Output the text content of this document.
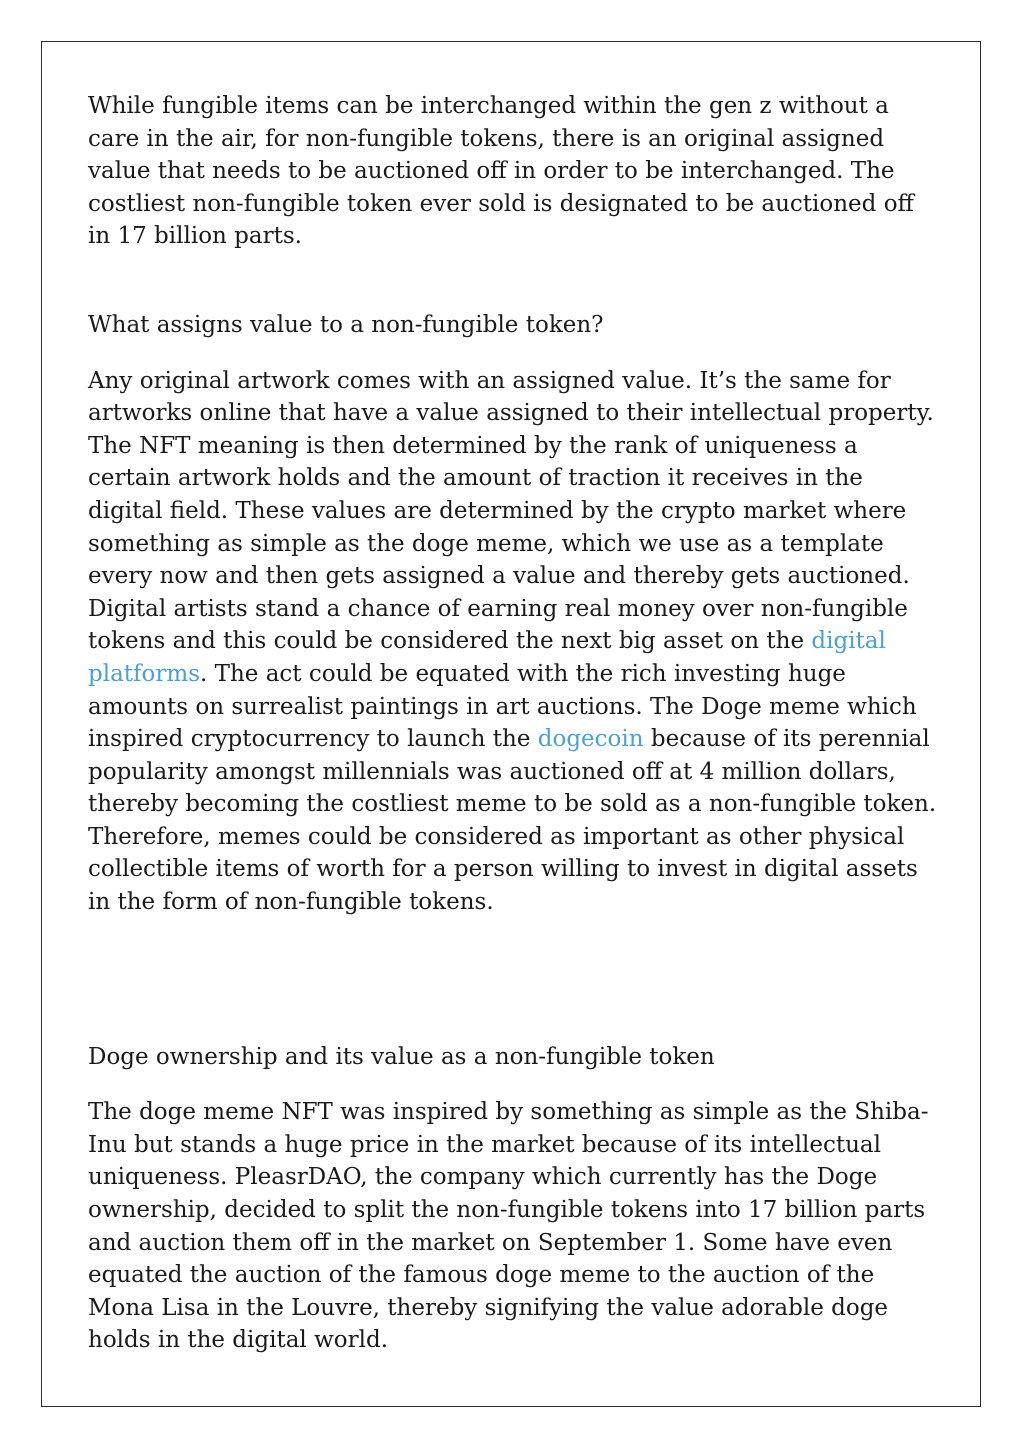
While fungible items can be interchanged within the gen z without a care in the air, for non-fungible tokens, there is an original assigned value that needs to be auctioned off in order to be interchanged. The costliest non-fungible token ever sold is designated to be auctioned off in 17 billion parts.

What assigns value to a non-fungible token?

Any original artwork comes with an assigned value. It’s the same for artworks online that have a value assigned to their intellectual property. The NFT meaning is then determined by the rank of uniqueness a certain artwork holds and the amount of traction it receives in the digital field. These values are determined by the crypto market where something as simple as the doge meme, which we use as a template every now and then gets assigned a value and thereby gets auctioned. Digital artists stand a chance of earning real money over non-fungible tokens and this could be considered the next big asset on the digital platforms. The act could be equated with the rich investing huge amounts on surrealist paintings in art auctions. The Doge meme which inspired cryptocurrency to launch the dogecoin because of its perennial popularity amongst millennials was auctioned off at 4 million dollars, thereby becoming the costliest meme to be sold as a non-fungible token. Therefore, memes could be considered as important as other physical collectible items of worth for a person willing to invest in digital assets in the form of non-fungible tokens.

Doge ownership and its value as a non-fungible token

The doge meme NFT was inspired by something as simple as the Shiba-Inu but stands a huge price in the market because of its intellectual uniqueness. PleasrDAO, the company which currently has the Doge ownership, decided to split the non-fungible tokens into 17 billion parts and auction them off in the market on September 1. Some have even equated the auction of the famous doge meme to the auction of the Mona Lisa in the Louvre, thereby signifying the value adorable doge holds in the digital world.
